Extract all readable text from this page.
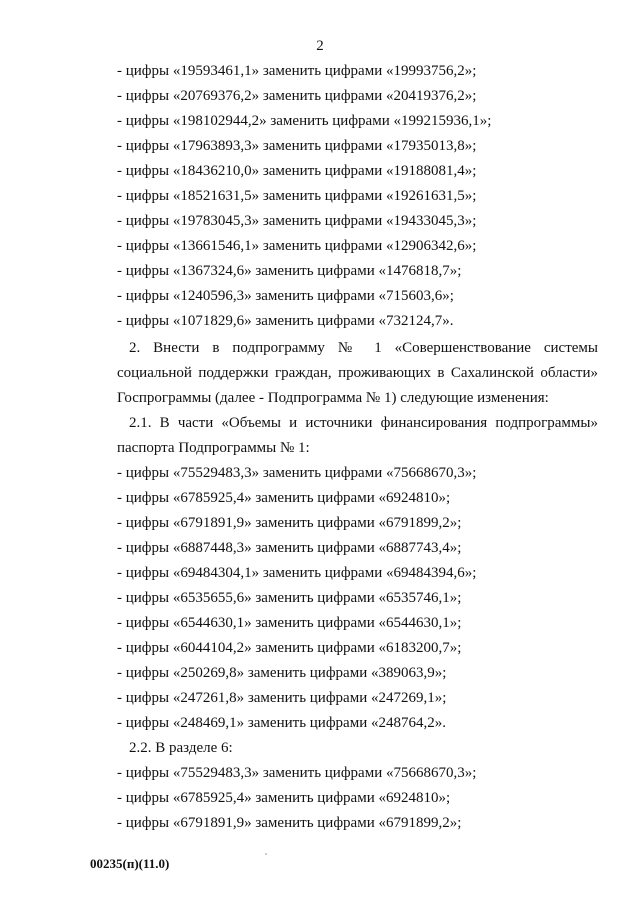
2
- цифры «19593461,1» заменить цифрами «19993756,2»;
- цифры «20769376,2» заменить цифрами «20419376,2»;
- цифры «198102944,2» заменить цифрами «199215936,1»;
- цифры «17963893,3» заменить цифрами «17935013,8»;
- цифры «18436210,0» заменить цифрами «19188081,4»;
- цифры «18521631,5» заменить цифрами «19261631,5»;
- цифры «19783045,3» заменить цифрами «19433045,3»;
- цифры «13661546,1» заменить цифрами «12906342,6»;
- цифры «1367324,6» заменить цифрами «1476818,7»;
- цифры «1240596,3» заменить цифрами «715603,6»;
- цифры «1071829,6» заменить цифрами «732124,7».
2. Внести в подпрограмму № 1 «Совершенствование системы социальной поддержки граждан, проживающих в Сахалинской области» Госпрограммы (далее - Подпрограмма № 1) следующие изменения:
2.1. В части «Объемы и источники финансирования подпрограммы» паспорта Подпрограммы № 1:
- цифры «75529483,3» заменить цифрами «75668670,3»;
- цифры «6785925,4» заменить цифрами «6924810»;
- цифры «6791891,9» заменить цифрами «6791899,2»;
- цифры «6887448,3» заменить цифрами «6887743,4»;
- цифры «69484304,1» заменить цифрами «69484394,6»;
- цифры «6535655,6» заменить цифрами «6535746,1»;
- цифры «6544630,1» заменить цифрами «6544630,1»;
- цифры «6044104,2» заменить цифрами «6183200,7»;
- цифры «250269,8» заменить цифрами «389063,9»;
- цифры «247261,8» заменить цифрами «247269,1»;
- цифры «248469,1» заменить цифрами «248764,2».
2.2. В разделе 6:
- цифры «75529483,3» заменить цифрами «75668670,3»;
- цифры «6785925,4» заменить цифрами «6924810»;
- цифры «6791891,9» заменить цифрами «6791899,2»;
00235(п)(11.0)
